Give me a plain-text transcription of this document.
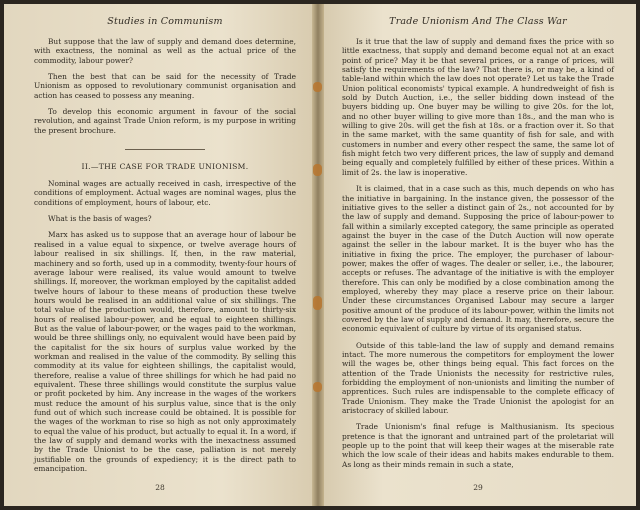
Studies in Communism

But suppose that the law of supply and demand does determine, with exactness, the nominal as well as the actual price of the commodity, labour power?

Then the best that can be said for the necessity of Trade Unionism as opposed to revolutionary communist organisation and action has ceased to possess any meaning.

To develop this economic argument in favour of the social revolution, and against Trade Union reform, is my purpose in writing the present brochure.

II.—THE CASE FOR TRADE UNIONISM.

Nominal wages are actually received in cash, irrespective of the conditions of employment. Actual wages are nominal wages, plus the conditions of employment, hours of labour, etc.

What is the basis of wages?

Marx has asked us to suppose that an average hour of labour be realised in a value equal to sixpence, or twelve average hours of labour realised in six shillings. If, then, in the raw material, machinery and so forth, used up in a commodity, twenty-four hours of average labour were realised, its value would amount to twelve shillings. If, moreover, the workman employed by the capitalist added twelve hours of labour to these means of production these twelve hours would be realised in an additional value of six shillings. The total value of the production would, therefore, amount to thirty-six hours of realised labour-power, and be equal to eighteen shillings. But as the value of labour-power, or the wages paid to the workman, would be three shillings only, no equivalent would have been paid by the capitalist for the six hours of surplus value worked by the workman and realised in the value of the commodity. By selling this commodity at its value for eighteen shillings, the capitalist would, therefore, realise a value of three shillings for which he had paid no equivalent. These three shillings would constitute the surplus value or profit pocketed by him. Any increase in the wages of the workers must reduce the amount of his surplus value, since that is the only fund out of which such increase could be obtained. It is possible for the wages of the workman to rise so high as not only approximately to equal the value of his product, but actually to equal it. In a word, if the law of supply and demand works with the inexactness assumed by the Trade Unionist to be the case, palliation is not merely justifiable on the grounds of expediency; it is the direct path to emancipation.

28
Trade Unionism And The Class War

Is it true that the law of supply and demand fixes the price with so little exactness, that supply and demand become equal not at an exact point of price? May it be that several prices, or a range of prices, will satisfy the requirements of the law? That there is, or may be, a kind of table-land within which the law does not operate? Let us take the Trade Union political economists' typical example. A hundredweight of fish is sold by Dutch Auction, i.e., the seller bidding down instead of the buyers bidding up. One buyer may be willing to give 20s. for the lot, and no other buyer willing to give more than 18s., and the man who is willing to give 20s. will get the fish at 18s. or a fraction over it. So that in the same market, with the same quantity of fish for sale, and with customers in number and every other respect the same, the same lot of fish might fetch two very different prices, the law of supply and demand being equally and completely fulfilled by either of these prices. Within a limit of 2s. the law is inoperative.

It is claimed, that in a case such as this, much depends on who has the initiative in bargaining. In the instance given, the possessor of the initiative gives to the seller a distinct gain of 2s., not accounted for by the law of supply and demand. Supposing the price of labour-power to fall within a similarly excepted category, the same principle as operated against the buyer in the case of the Dutch Auction will now operate against the seller in the labour market. It is the buyer who has the initiative in fixing the price. The employer, the purchaser of labour-power, makes the offer of wages. The dealer or seller, i.e., the labourer, accepts or refuses. The advantage of the initiative is with the employer therefore. This can only be modified by a close combination among the employed, whereby they may place a reserve price on their labour. Under these circumstances Organised Labour may secure a larger positive amount of the produce of its labour-power, within the limits not covered by the law of supply and demand. It may, therefore, secure the economic equivalent of culture by virtue of its organised status.

Outside of this table-land the law of supply and demand remains intact. The more numerous the competitors for employment the lower will the wages be, other things being equal. This fact forces on the attention of the Trade Unionists the necessity for restrictive rules, forbidding the employment of non-unionists and limiting the number of apprentices. Such rules are indispensable to the complete efficacy of Trade Unionism. They make the Trade Unionist the apologist for an aristocracy of skilled labour.

Trade Unionism's final refuge is Malthusianism. Its specious pretence is that the ignorant and untrained part of the proletariat will people up to the point that will keep their wages at the miserable rate which the low scale of their ideas and habits makes endurable to them. As long as their minds remain in such a state,

29
